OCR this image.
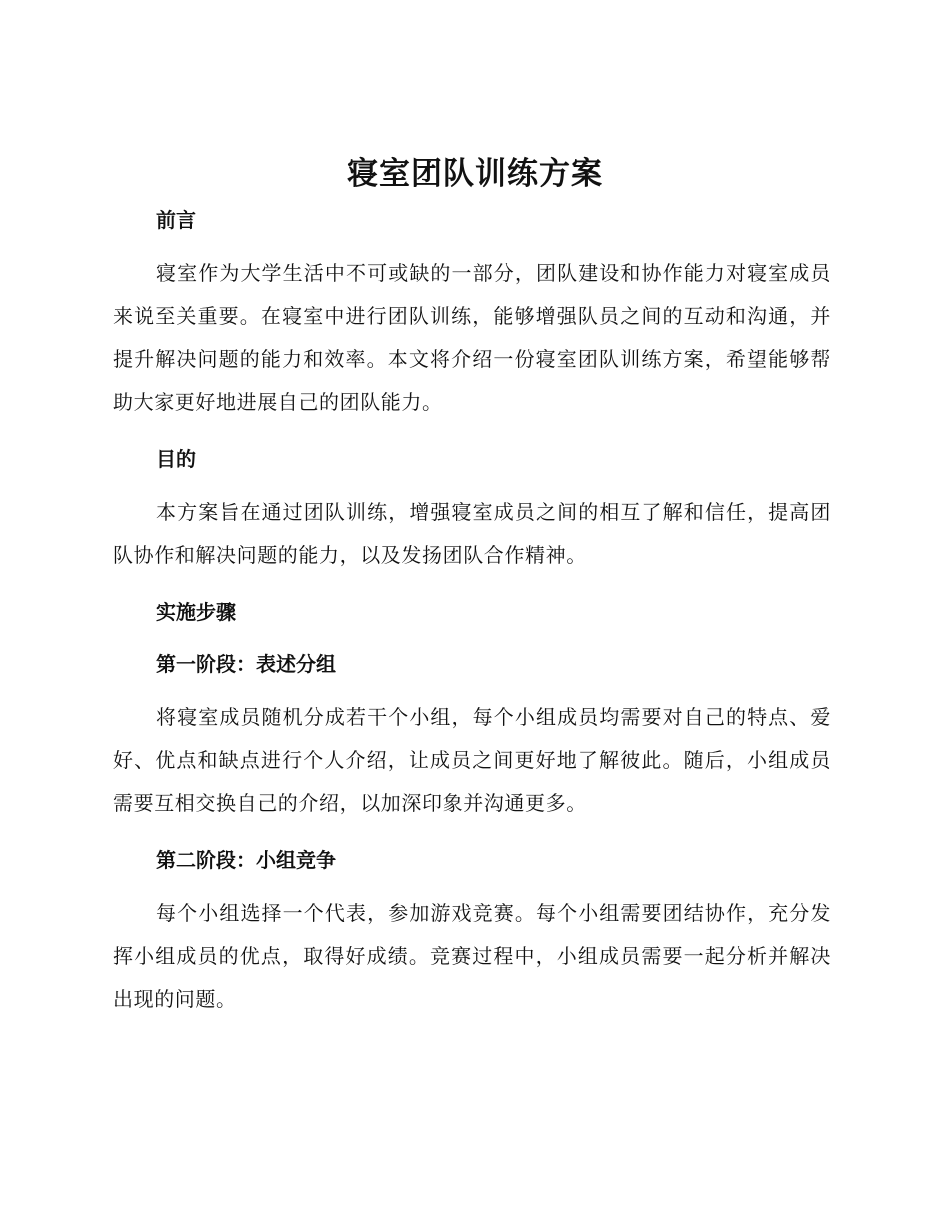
寝室团队训练方案

前言

寝室作为大学生活中不可或缺的一部分，团队建设和协作能力对寝室成员来说至关重要。在寝室中进行团队训练，能够增强队员之间的互动和沟通，并提升解决问题的能力和效率。本文将介绍一份寝室团队训练方案，希望能够帮助大家更好地进展自己的团队能力。

目的

本方案旨在通过团队训练，增强寝室成员之间的相互了解和信任，提高团队协作和解决问题的能力，以及发扬团队合作精神。

实施步骤

第一阶段：表述分组

将寝室成员随机分成若干个小组，每个小组成员均需要对自己的特点、爱好、优点和缺点进行个人介绍，让成员之间更好地了解彼此。随后，小组成员需要互相交换自己的介绍，以加深印象并沟通更多。

第二阶段：小组竞争

每个小组选择一个代表，参加游戏竞赛。每个小组需要团结协作，充分发挥小组成员的优点，取得好成绩。竞赛过程中，小组成员需要一起分析并解决出现的问题。
